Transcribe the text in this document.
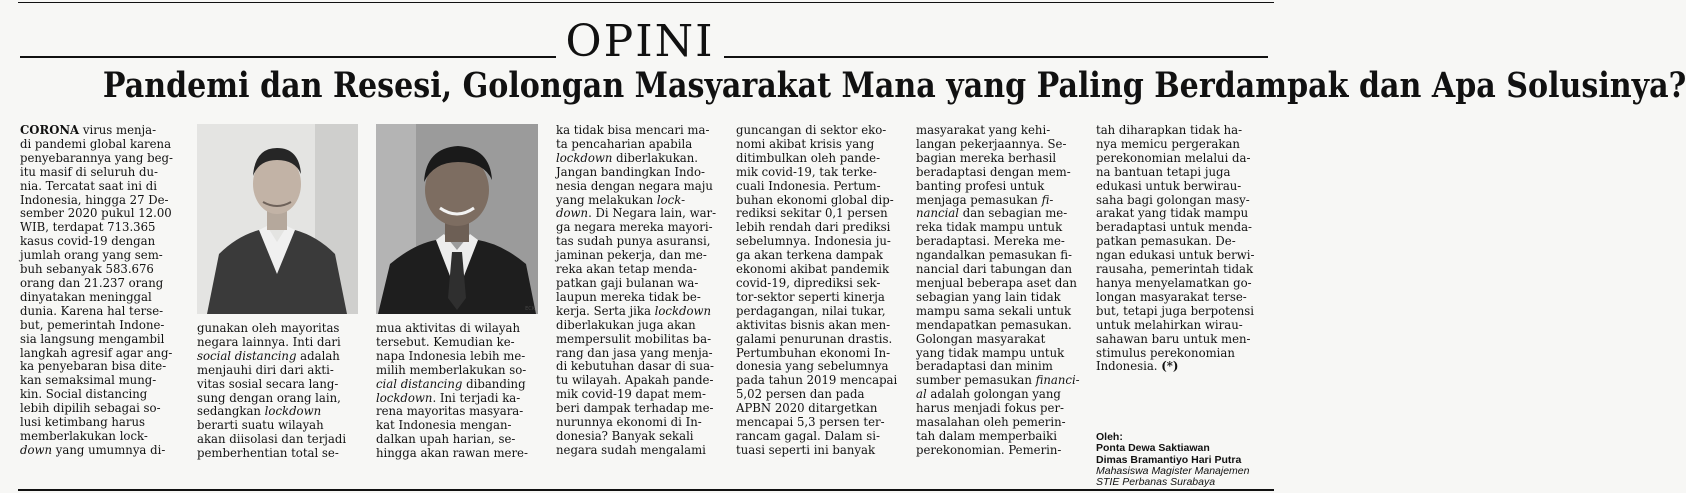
OPINI
Pandemi dan Resesi, Golongan Masyarakat Mana yang Paling Berdampak dan Apa Solusinya?
CORONA virus menja-
di pandemi global karena
penyebarannya yang beg-
itu masif di seluruh du-
nia. Tercatat saat ini di
Indonesia, hingga 27 De-
sember 2020 pukul 12.00
WIB, terdapat 713.365
kasus covid-19 dengan
jumlah orang yang sem-
buh sebanyak 583.676
orang dan 21.237 orang
dinyatakan meninggal
dunia. Karena hal terse-
but, pemerintah Indone-
sia langsung mengambil
langkah agresif agar ang-
ka penyebaran bisa dite-
kan semaksimal mung-
kin. Social distancing
lebih dipilih sebagai so-
lusi ketimbang harus
memberlakukan lock-
down yang umumnya di-
ECK
gunakan oleh mayoritas
negara lainnya. Inti dari
social distancing adalah
menjauhi diri dari akti-
vitas sosial secara lang-
sung dengan orang lain,
sedangkan lockdown
berarti suatu wilayah
akan diisolasi dan terjadi
pemberhentian total se-
mua aktivitas di wilayah
tersebut. Kemudian ke-
napa Indonesia lebih me-
milih memberlakukan so-
cial distancing dibanding
lockdown. Ini terjadi ka-
rena mayoritas masyara-
kat Indonesia mengan-
dalkan upah harian, se-
hingga akan rawan mere-
ka tidak bisa mencari ma-
ta pencaharian apabila
lockdown diberlakukan.
Jangan bandingkan Indo-
nesia dengan negara maju
yang melakukan lock-
down. Di Negara lain, war-
ga negara mereka mayori-
tas sudah punya asuransi,
jaminan pekerja, dan me-
reka akan tetap menda-
patkan gaji bulanan wa-
laupun mereka tidak be-
kerja. Serta jika lockdown
diberlakukan juga akan
mempersulit mobilitas ba-
rang dan jasa yang menja-
di kebutuhan dasar di sua-
tu wilayah. Apakah pande-
mik covid-19 dapat mem-
beri dampak terhadap me-
nurunnya ekonomi di In-
donesia? Banyak sekali
negara sudah mengalami
guncangan di sektor eko-
nomi akibat krisis yang
ditimbulkan oleh pande-
mik covid-19, tak terke-
cuali Indonesia. Pertum-
buhan ekonomi global dip-
rediksi sekitar 0,1 persen
lebih rendah dari prediksi
sebelumnya. Indonesia ju-
ga akan terkena dampak
ekonomi akibat pandemik
covid-19, diprediksi sek-
tor-sektor seperti kinerja
perdagangan, nilai tukar,
aktivitas bisnis akan men-
galami penurunan drastis.
Pertumbuhan ekonomi In-
donesia yang sebelumnya
pada tahun 2019 mencapai
5,02 persen dan pada
APBN 2020 ditargetkan
mencapai 5,3 persen ter-
rancam gagal. Dalam si-
tuasi seperti ini banyak
masyarakat yang kehi-
langan pekerjaannya. Se-
bagian mereka berhasil
beradaptasi dengan mem-
banting profesi untuk
menjaga pemasukan fi-
nancial dan sebagian me-
reka tidak mampu untuk
beradaptasi. Mereka me-
ngandalkan pemasukan fi-
nancial dari tabungan dan
menjual beberapa aset dan
sebagian yang lain tidak
mampu sama sekali untuk
mendapatkan pemasukan.
Golongan masyarakat
yang tidak mampu untuk
beradaptasi dan minim
sumber pemasukan financi-
al adalah golongan yang
harus menjadi fokus per-
masalahan oleh pemerin-
tah dalam memperbaiki
perekonomian. Pemerin-
tah diharapkan tidak ha-
nya memicu pergerakan
perekonomian melalui da-
na bantuan tetapi juga
edukasi untuk berwirau-
saha bagi golongan masy-
arakat yang tidak mampu
beradaptasi untuk menda-
patkan pemasukan. De-
ngan edukasi untuk berwi-
rausaha, pemerintah tidak
hanya menyelamatkan go-
longan masyarakat terse-
but, tetapi juga berpotensi
untuk melahirkan wirau-
sahawan baru untuk men-
stimulus perekonomian
Indonesia. (*)
Oleh:
Ponta Dewa Saktiawan
Dimas Bramantiyo Hari Putra
Mahasiswa Magister Manajemen
STIE Perbanas Surabaya
